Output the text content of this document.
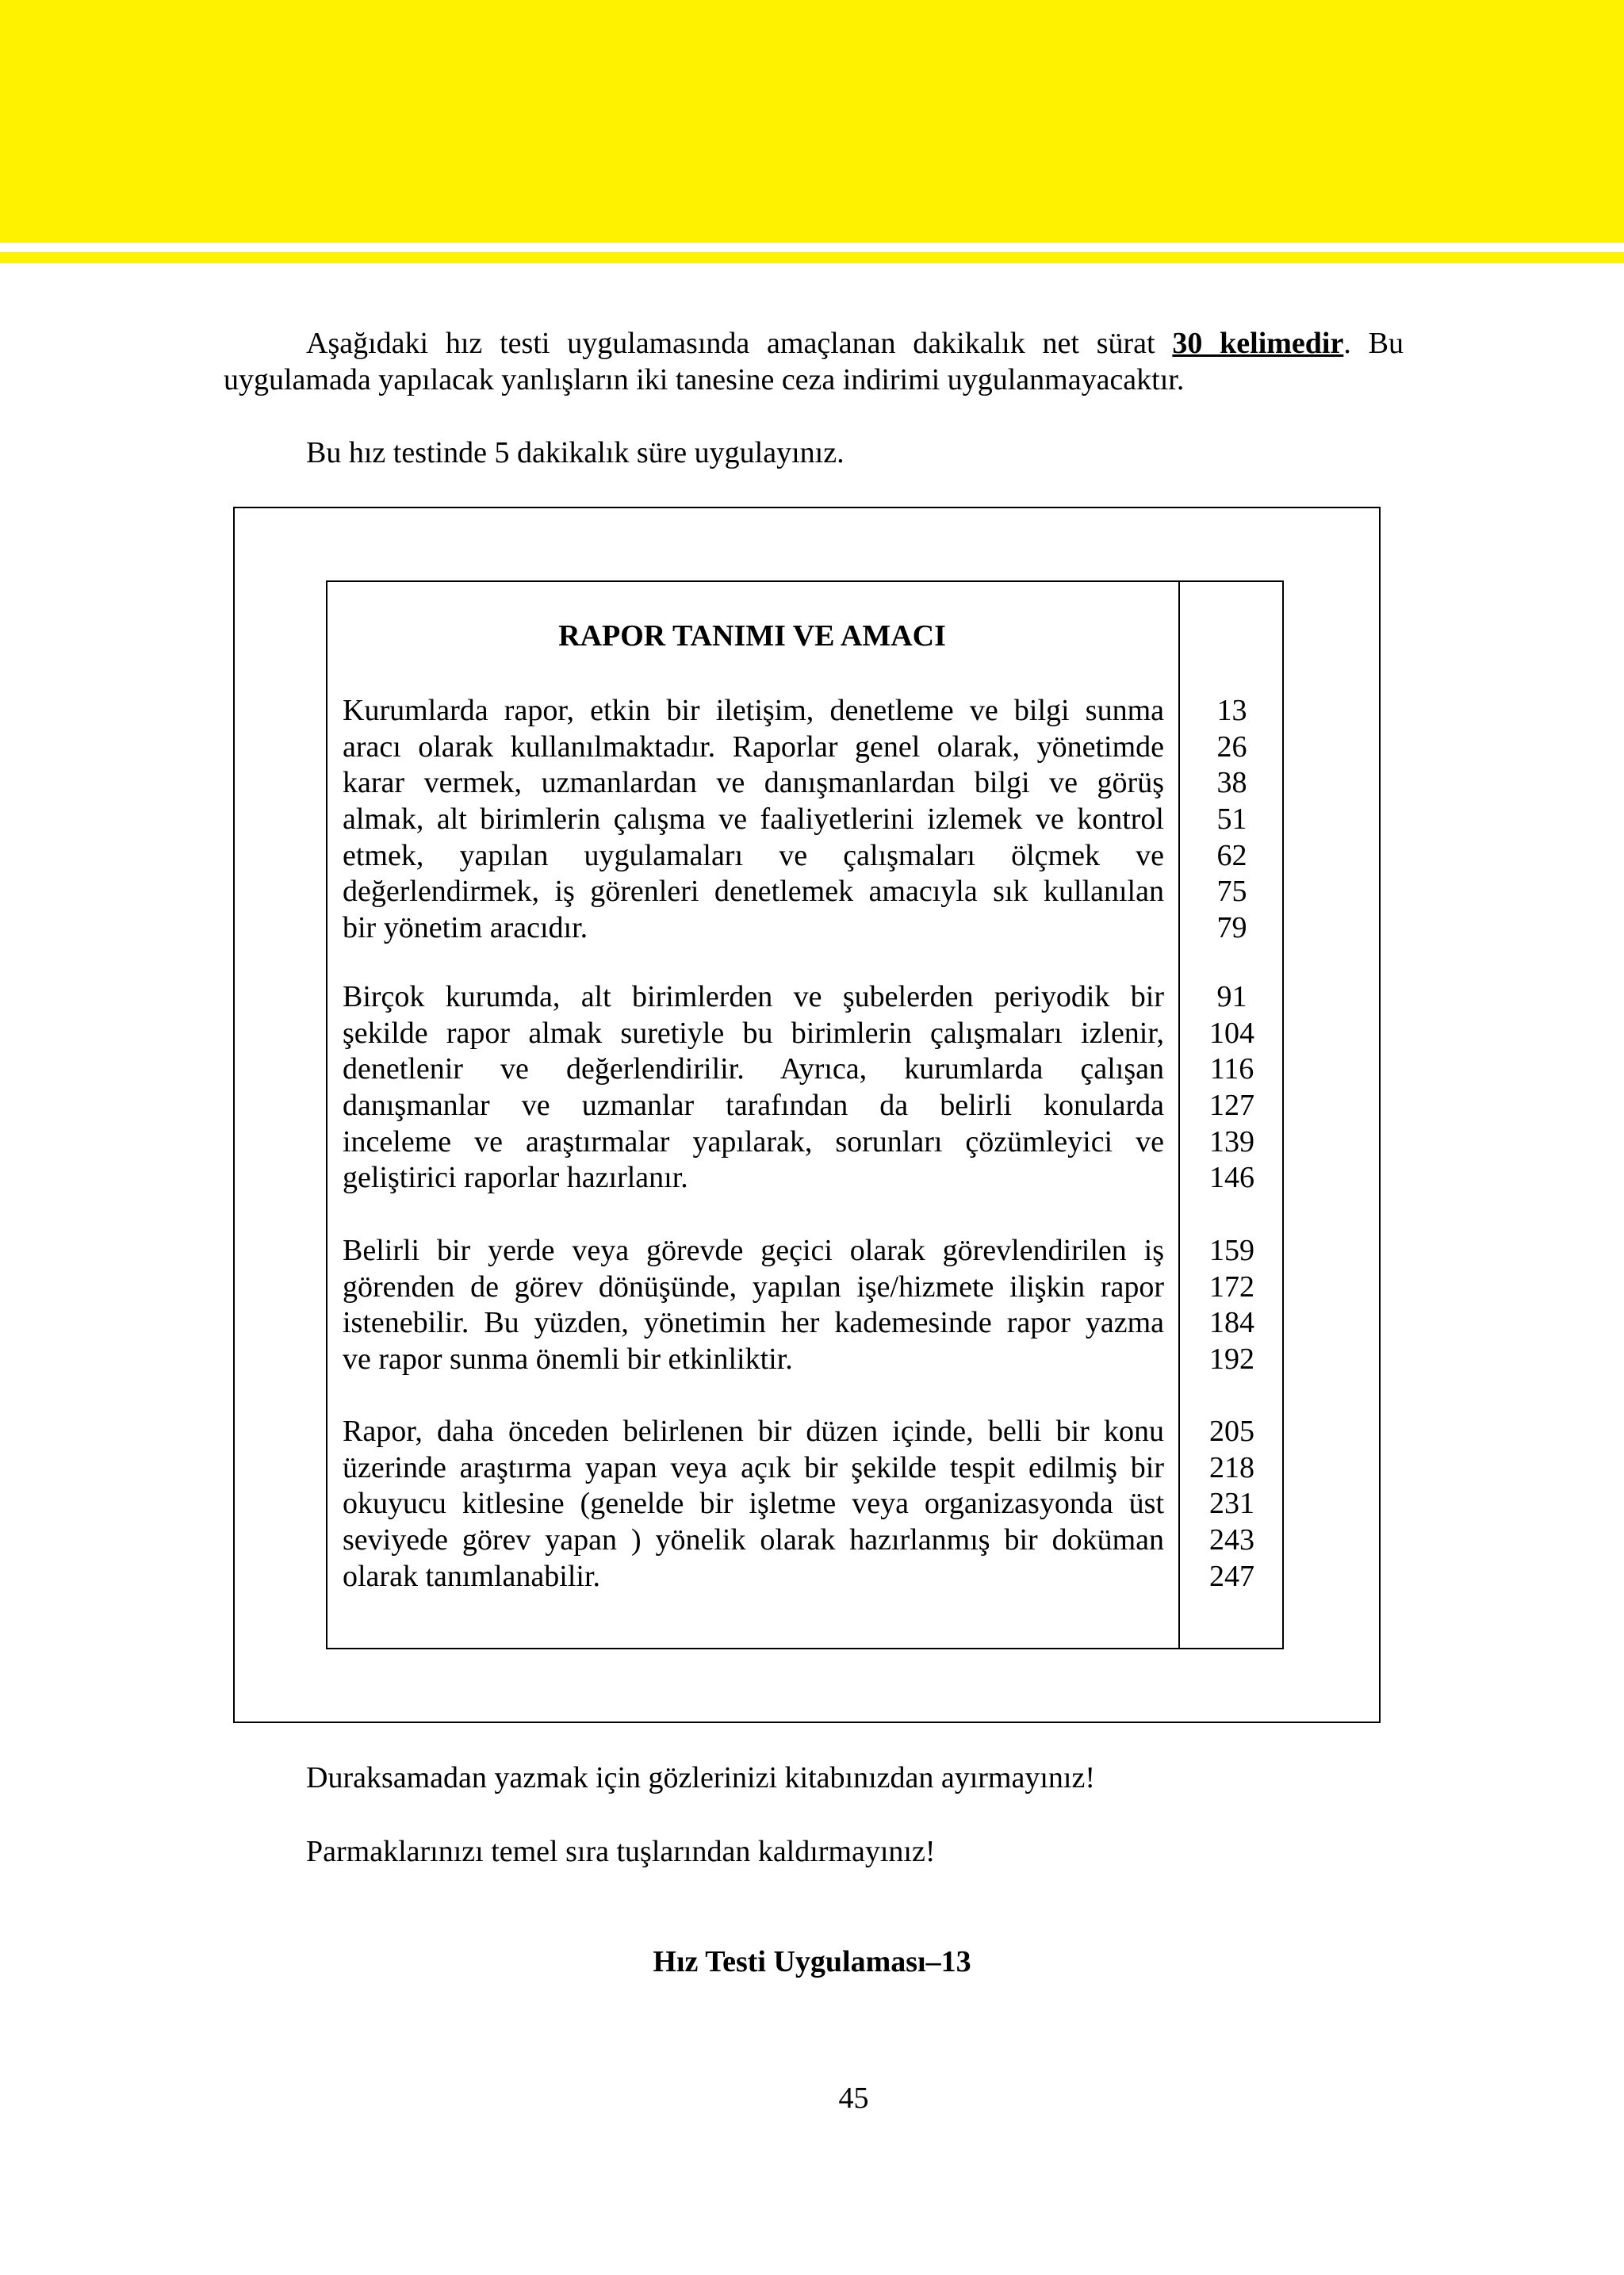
Aşağıdaki hız testi uygulamasında amaçlanan dakikalık net sürat 30 kelimedir. Bu uygulamada yapılacak yanlışların iki tanesine ceza indirimi uygulanmayacaktır.

Bu hız testinde 5 dakikalık süre uygulayınız.

RAPOR TANIMI VE AMACI
Kurumlarda rapor, etkin bir iletişim, denetleme ve bilgi sunma
aracı olarak kullanılmaktadır. Raporlar genel olarak, yönetimde
karar vermek, uzmanlardan ve danışmanlardan bilgi ve görüş
almak, alt birimlerin çalışma ve faaliyetlerini izlemek ve kontrol
etmek, yapılan uygulamaları ve çalışmaları ölçmek ve
değerlendirmek, iş görenleri denetlemek amacıyla sık kullanılan
bir yönetim aracıdır.
13
26
38
51
62
75
79
Birçok kurumda, alt birimlerden ve şubelerden periyodik bir
şekilde rapor almak suretiyle bu birimlerin çalışmaları izlenir,
denetlenir ve değerlendirilir. Ayrıca, kurumlarda çalışan
danışmanlar ve uzmanlar tarafından da belirli konularda
inceleme ve araştırmalar yapılarak, sorunları çözümleyici ve
geliştirici raporlar hazırlanır.
91
104
116
127
139
146
Belirli bir yerde veya görevde geçici olarak görevlendirilen iş
görenden de görev dönüşünde, yapılan işe/hizmete ilişkin rapor
istenebilir. Bu yüzden, yönetimin her kademesinde rapor yazma
ve rapor sunma önemli bir etkinliktir.
159
172
184
192
Rapor, daha önceden belirlenen bir düzen içinde, belli bir konu
üzerinde araştırma yapan veya açık bir şekilde tespit edilmiş bir
okuyucu kitlesine (genelde bir işletme veya organizasyonda üst
seviyede görev yapan ) yönelik olarak hazırlanmış bir doküman
olarak tanımlanabilir.
205
218
231
243
247

Duraksamadan yazmak için gözlerinizi kitabınızdan ayırmayınız!

Parmaklarınızı temel sıra tuşlarından kaldırmayınız!

Hız Testi Uygulaması–13

45
